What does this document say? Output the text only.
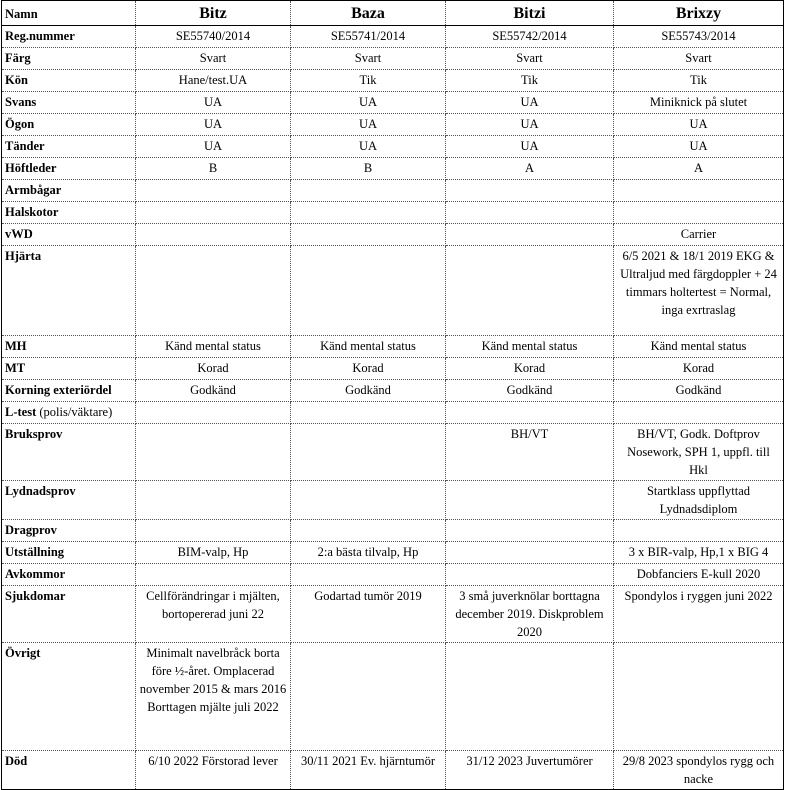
Namn	Bitz	Baza	Bitzi	Brixzy
Reg.nummer	SE55740/2014	SE55741/2014	SE55742/2014	SE55743/2014
Färg	Svart	Svart	Svart	Svart
Kön	Hane/test.UA	Tik	Tik	Tik
Svans	UA	UA	UA	Miniknick på slutet
Ögon	UA	UA	UA	UA
Tänder	UA	UA	UA	UA
Höftleder	B	B	A	A
Armbågar				
Halskotor				
vWD				Carrier
Hjärta				6/5 2021 & 18/1 2019 EKG & Ultraljud med färgdoppler + 24 timmars holtertest = Normal, inga exrtraslag
MH	Känd mental status	Känd mental status	Känd mental status	Känd mental status
MT	Korad	Korad	Korad	Korad
Korning exteriördel	Godkänd	Godkänd	Godkänd	Godkänd
L-test (polis/väktare)				
Bruksprov			BH/VT	BH/VT, Godk. Doftprov Nosework, SPH 1, uppfl. till Hkl
Lydnadsprov				Startklass uppflyttad Lydnadsdiplom
Dragprov				
Utställning	BIM-valp, Hp	2:a bästa tilvalp, Hp		3 x BIR-valp, Hp,1 x BIG 4
Avkommor				Dobfanciers E-kull 2020
Sjukdomar	Cellförändringar i mjälten, bortopererad juni 22	Godartad tumör 2019	3 små juverknölar borttagna december 2019. Diskproblem 2020	Spondylos i ryggen juni 2022
Övrigt	Minimalt navelbråck borta före ½-året. Omplacerad november 2015 & mars 2016 Borttagen mjälte juli 2022			
Död	6/10 2022 Förstorad lever	30/11 2021 Ev. hjärntumör	31/12 2023 Juvertumörer	29/8 2023 spondylos rygg och nacke
